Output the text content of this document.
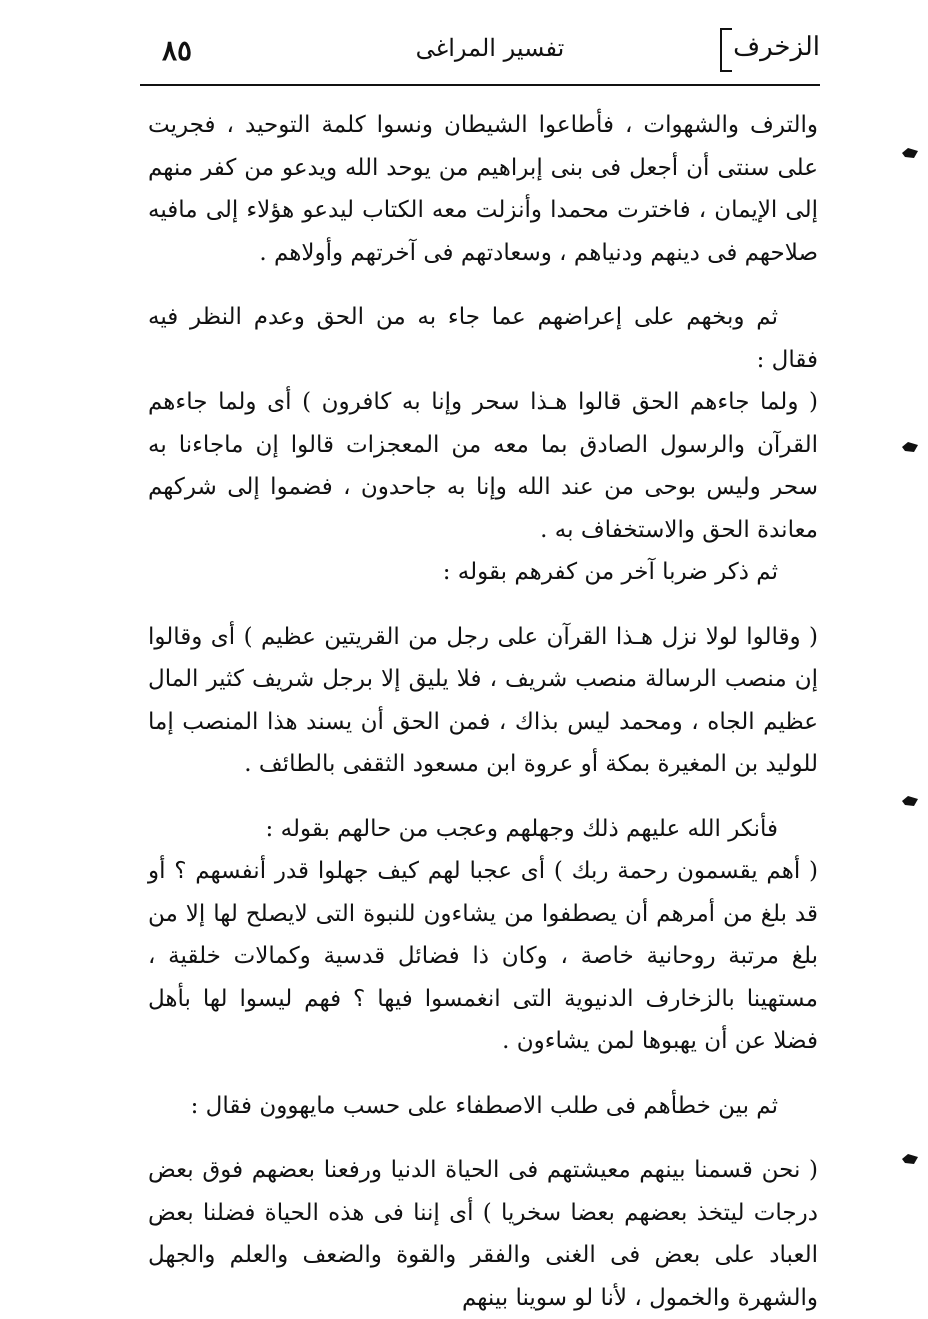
الزخرف
تفسير المراغى
٨٥

والترف والشهوات ، فأطاعوا الشيطان ونسوا كلمة التوحيد ، فجريت على سنتى أن أجعل فى بنى إبراهيم من يوحد الله ويدعو من كفر منهم إلى الإيمان ، فاخترت محمدا وأنزلت معه الكتاب ليدعو هؤلاء إلى مافيه صلاحهم فى دينهم ودنياهم ، وسعادتهم فى آخرتهم وأولاهم .

ثم وبخهم على إعراضهم عما جاء به من الحق وعدم النظر فيه فقال :

( ولما جاءهم الحق قالوا هـذا سحر وإنا به كافرون ) أى ولما جاءهم القرآن والرسول الصادق بما معه من المعجزات قالوا إن ماجاءنا به سحر وليس بوحى من عند الله وإنا به جاحدون ، فضموا إلى شركهم معاندة الحق والاستخفاف به .

ثم ذكر ضربا آخر من كفرهم بقوله :

( وقالوا لولا نزل هـذا القرآن على رجل من القريتين عظيم ) أى وقالوا إن منصب الرسالة منصب شريف ، فلا يليق إلا برجل شريف كثير المال عظيم الجاه ، ومحمد ليس بذاك ، فمن الحق أن يسند هذا المنصب إما للوليد بن المغيرة بمكة أو عروة ابن مسعود الثقفى بالطائف .

فأنكر الله عليهم ذلك وجهلهم وعجب من حالهم بقوله :

( أهم يقسمون رحمة ربك ) أى عجبا لهم كيف جهلوا قدر أنفسهم ؟ أو قد بلغ من أمرهم أن يصطفوا من يشاءون للنبوة التى لايصلح لها إلا من بلغ مرتبة روحانية خاصة ، وكان ذا فضائل قدسية وكمالات خلقية ، مستهينا بالزخارف الدنيوية التى انغمسوا فيها ؟ فهم ليسوا لها بأهل فضلا عن أن يهبوها لمن يشاءون .

ثم بين خطأهم فى طلب الاصطفاء على حسب مايهوون فقال :

( نحن قسمنا بينهم معيشتهم فى الحياة الدنيا ورفعنا بعضهم فوق بعض درجات ليتخذ بعضهم بعضا سخريا ) أى إننا فى هذه الحياة فضلنا بعض العباد على بعض فى الغنى والفقر والقوة والضعف والعلم والجهل والشهرة والخمول ، لأنا لو سوينا بينهم
